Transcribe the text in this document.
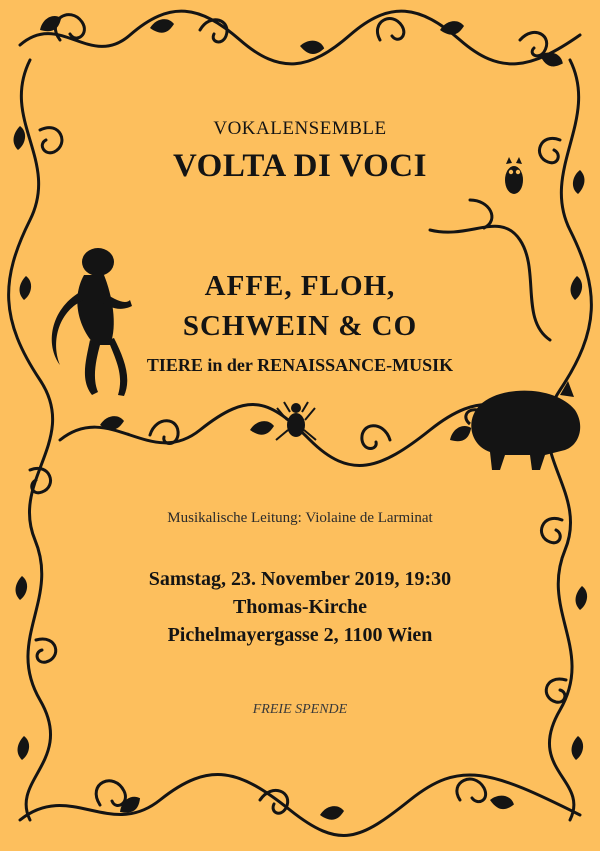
VOKALENSEMBLE
VOLTA DI VOCI
AFFE, FLOH,
SCHWEIN & CO
TIERE in der RENAISSANCE-MUSIK
Musikalische Leitung: Violaine de Larminat
Samstag, 23. November 2019, 19:30
Thomas-Kirche
Pichelmayergasse 2, 1100 Wien
FREIE SPENDE
